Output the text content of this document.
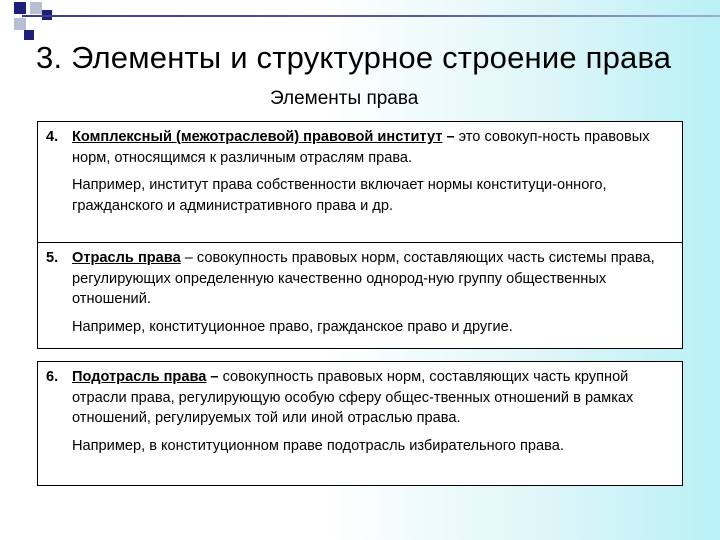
3. Элементы и структурное строение права
Элементы права
4. Комплексный (межотраслевой) правовой институт – это совокуп-ность правовых норм, относящимся к различным отраслям права.

Например, институт права собственности включает нормы конституци-онного, гражданского и административного права и др.

5. Отрасль права – совокупность правовых норм, составляющих часть системы права, регулирующих определенную качественно однород-ную группу общественных отношений.

Например, конституционное право, гражданское право и другие.

6. Подотрасль права – совокупность правовых норм, составляющих часть крупной отрасли права, регулирующую особую сферу общес-твенных отношений в рамках отношений, регулируемых той или иной отраслью права.

Например, в конституционном праве подотрасль избирательного права.
